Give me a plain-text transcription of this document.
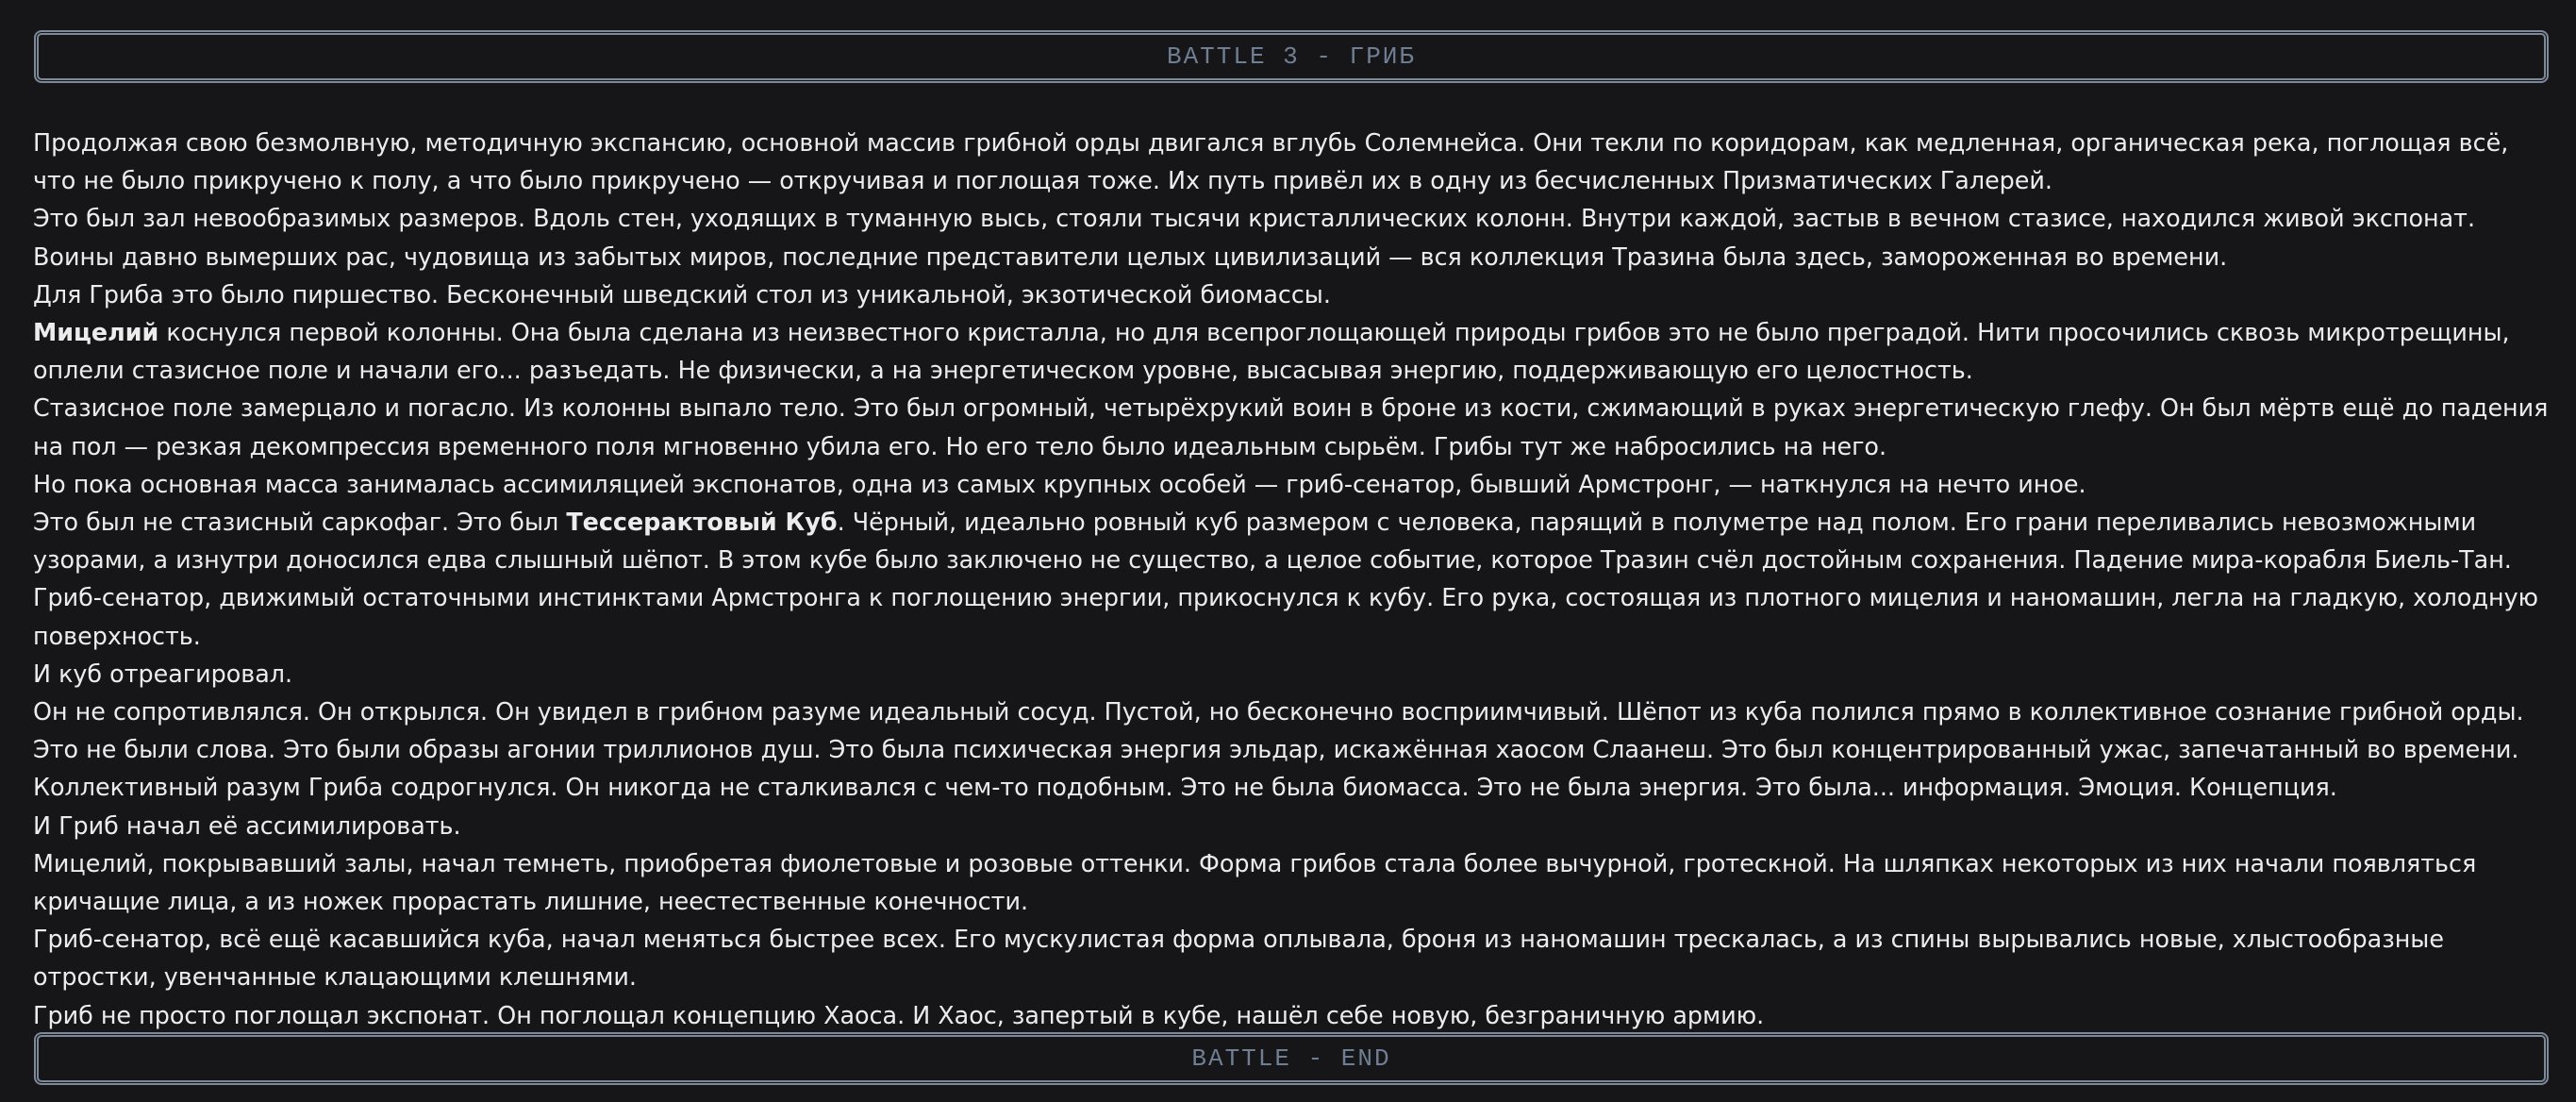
BATTLE 3 - ГРИБ

Продолжая свою безмолвную, методичную экспансию, основной массив грибной орды двигался вглубь Солемнейса. Они текли по коридорам, как медленная, органическая река, поглощая всё, что не было прикручено к полу, а что было прикручено — откручивая и поглощая тоже. Их путь привёл их в одну из бесчисленных Призматических Галерей.

Это был зал невообразимых размеров. Вдоль стен, уходящих в туманную высь, стояли тысячи кристаллических колонн. Внутри каждой, застыв в вечном стазисе, находился живой экспонат. Воины давно вымерших рас, чудовища из забытых миров, последние представители целых цивилизаций — вся коллекция Тразина была здесь, замороженная во времени.

Для Гриба это было пиршество. Бесконечный шведский стол из уникальной, экзотической биомассы.

Мицелий коснулся первой колонны. Она была сделана из неизвестного кристалла, но для всепроглощающей природы грибов это не было преградой. Нити просочились сквозь микротрещины, оплели стазисное поле и начали его... разъедать. Не физически, а на энергетическом уровне, высасывая энергию, поддерживающую его целостность.

Стазисное поле замерцало и погасло. Из колонны выпало тело. Это был огромный, четырёхрукий воин в броне из кости, сжимающий в руках энергетическую глефу. Он был мёртв ещё до падения на пол — резкая декомпрессия временного поля мгновенно убила его. Но его тело было идеальным сырьём. Грибы тут же набросились на него.

Но пока основная масса занималась ассимиляцией экспонатов, одна из самых крупных особей — гриб-сенатор, бывший Армстронг, — наткнулся на нечто иное.

Это был не стазисный саркофаг. Это был Тессерактовый Куб. Чёрный, идеально ровный куб размером с человека, парящий в полуметре над полом. Его грани переливались невозможными узорами, а изнутри доносился едва слышный шёпот. В этом кубе было заключено не существо, а целое событие, которое Тразин счёл достойным сохранения. Падение мира-корабля Биель-Тан.

Гриб-сенатор, движимый остаточными инстинктами Армстронга к поглощению энергии, прикоснулся к кубу. Его рука, состоящая из плотного мицелия и наномашин, легла на гладкую, холодную поверхность.

И куб отреагировал.

Он не сопротивлялся. Он открылся. Он увидел в грибном разуме идеальный сосуд. Пустой, но бесконечно восприимчивый. Шёпот из куба полился прямо в коллективное сознание грибной орды. Это не были слова. Это были образы агонии триллионов душ. Это была психическая энергия эльдар, искажённая хаосом Слаанеш. Это был концентрированный ужас, запечатанный во времени.

Коллективный разум Гриба содрогнулся. Он никогда не сталкивался с чем-то подобным. Это не была биомасса. Это не была энергия. Это была... информация. Эмоция. Концепция.

И Гриб начал её ассимилировать.

Мицелий, покрывавший залы, начал темнеть, приобретая фиолетовые и розовые оттенки. Форма грибов стала более вычурной, гротескной. На шляпках некоторых из них начали появляться кричащие лица, а из ножек прорастать лишние, неестественные конечности.

Гриб-сенатор, всё ещё касавшийся куба, начал меняться быстрее всех. Его мускулистая форма оплывала, броня из наномашин трескалась, а из спины вырывались новые, хлыстообразные отростки, увенчанные клацающими клешнями.

Гриб не просто поглощал экспонат. Он поглощал концепцию Хаоса. И Хаос, запертый в кубе, нашёл себе новую, безграничную армию.

BATTLE - END
